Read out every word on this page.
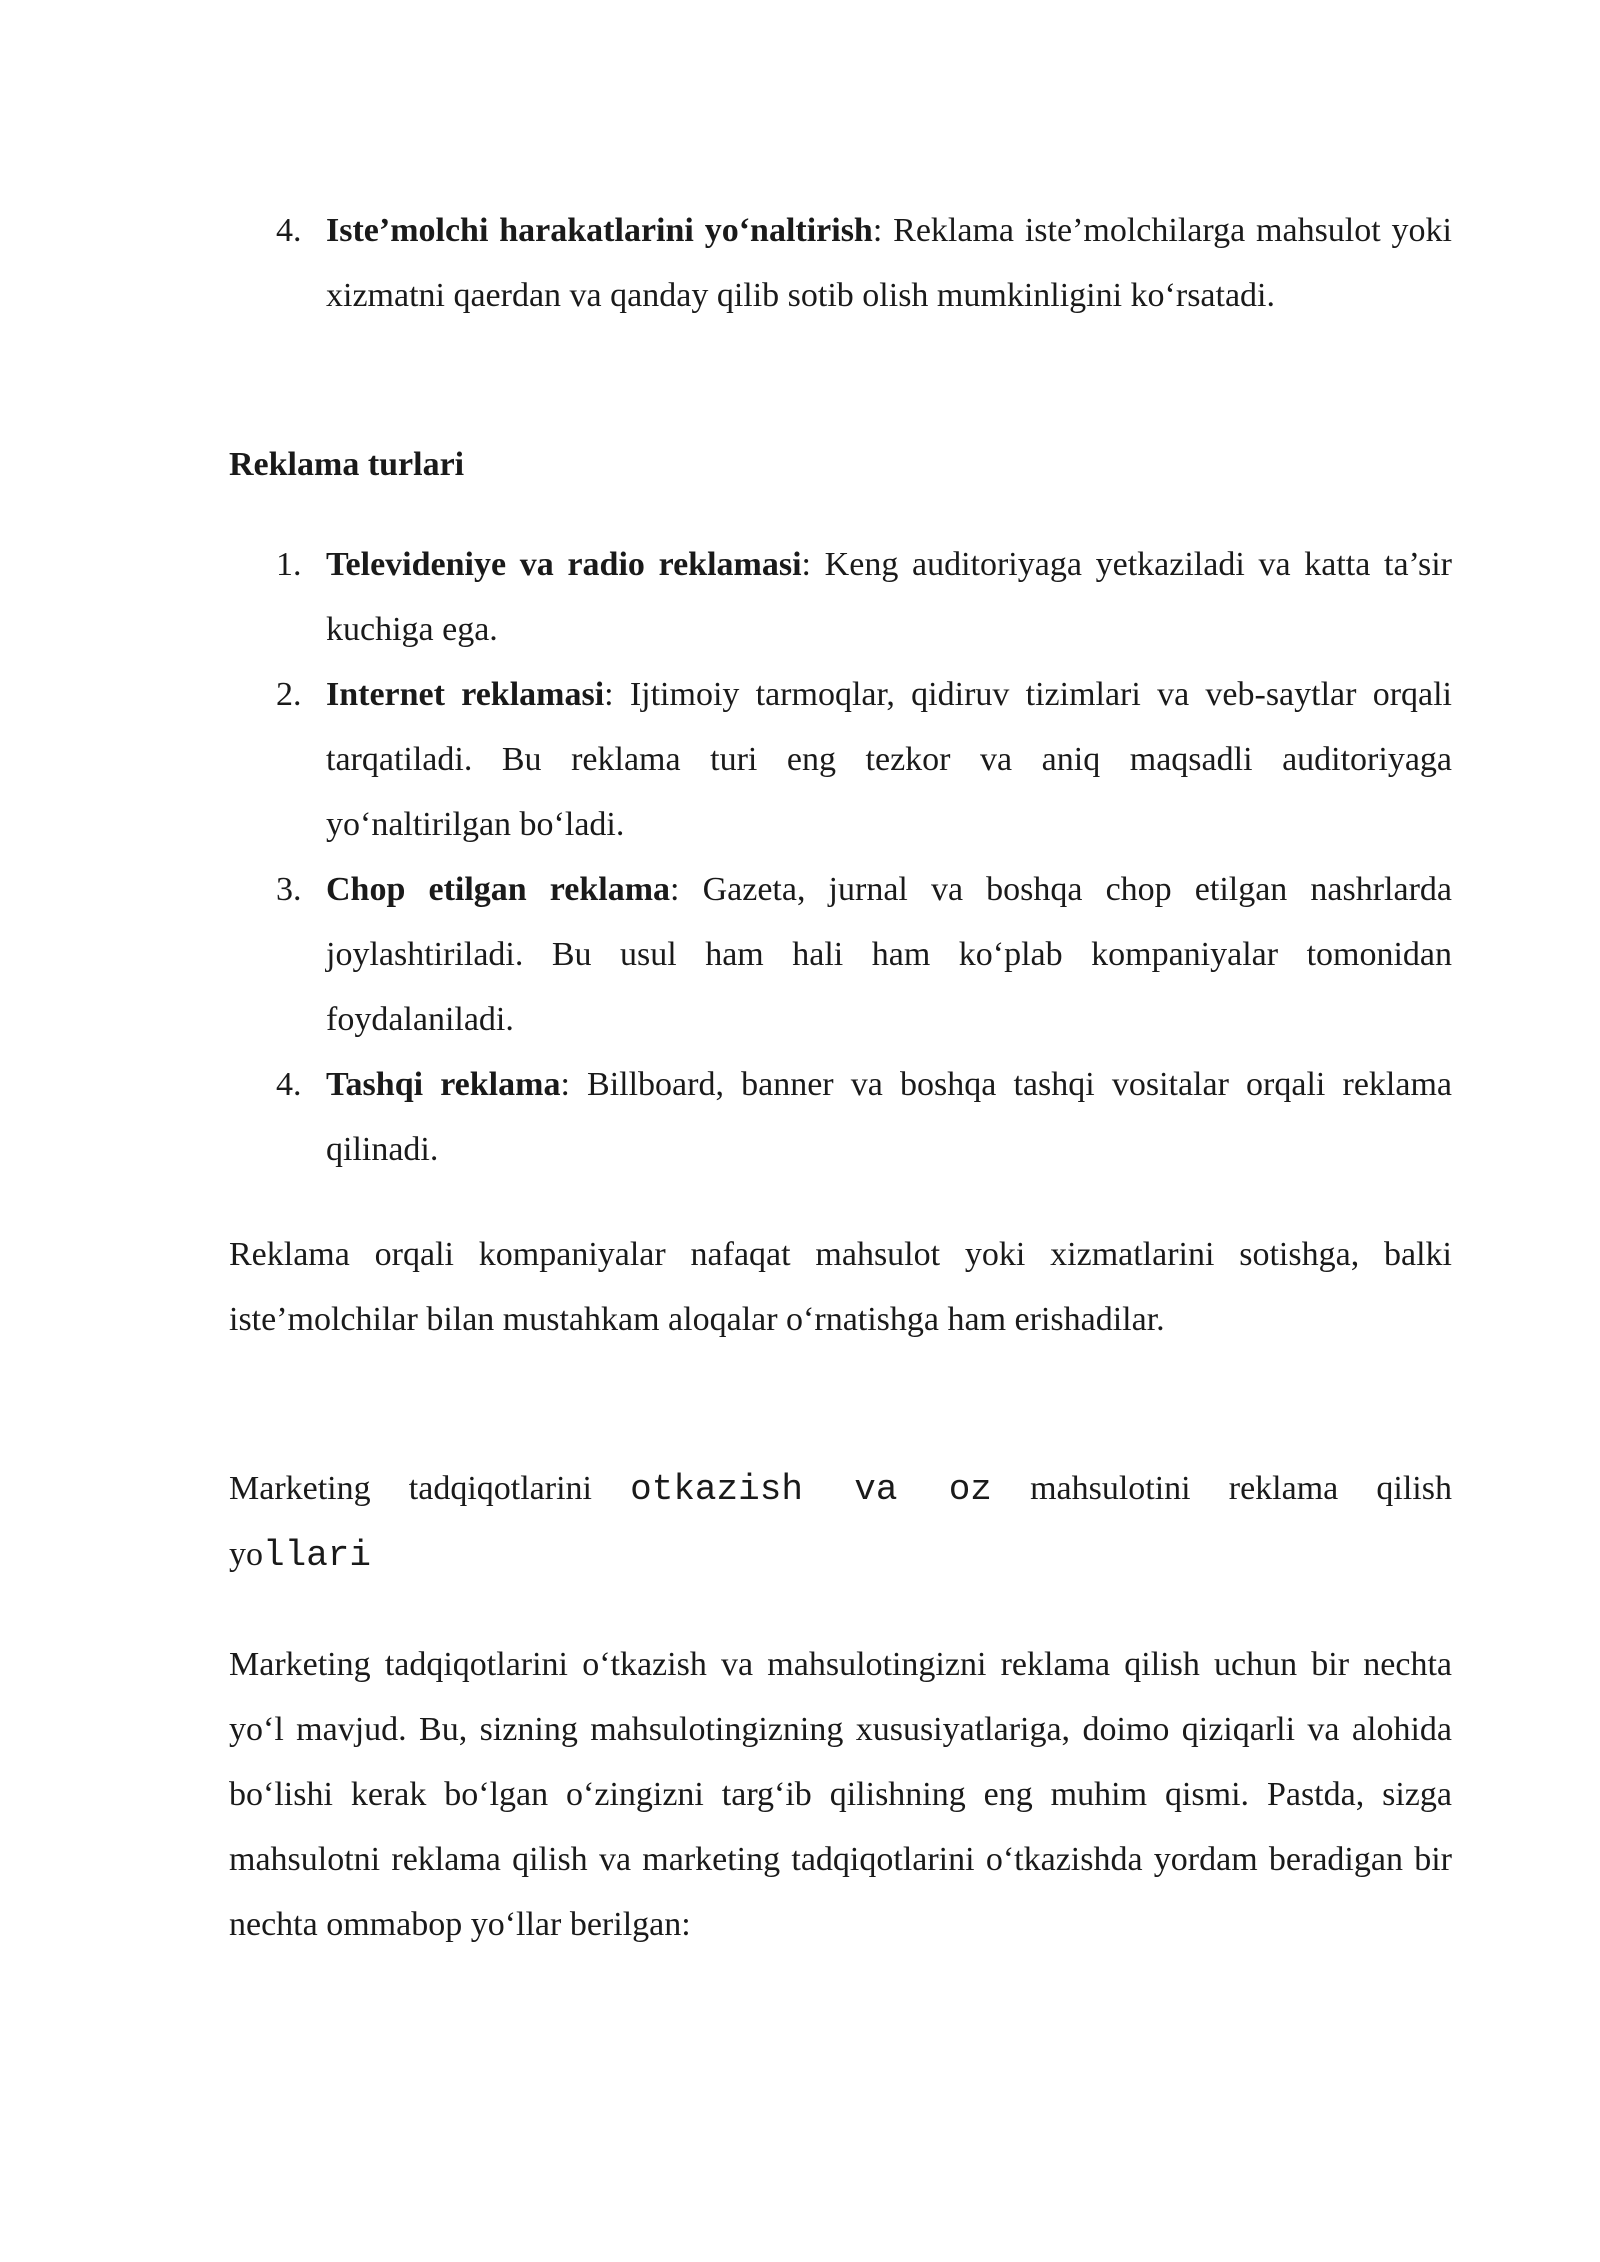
4. Iste’molchi harakatlarini yo‘naltirish: Reklama iste’molchilarga mahsulot yoki xizmatni qaerdan va qanday qilib sotib olish mumkinligini ko‘rsatadi.
Reklama turlari
1. Televideniye va radio reklamasi: Keng auditoriyaga yetkaziladi va katta ta’sir kuchiga ega.
2. Internet reklamasi: Ijtimoiy tarmoqlar, qidiruv tizimlari va veb-saytlar orqali tarqatiladi. Bu reklama turi eng tezkor va aniq maqsadli auditoriyaga yo‘naltirilgan bo‘ladi.
3. Chop etilgan reklama: Gazeta, jurnal va boshqa chop etilgan nashrlarda joylashtiriladi. Bu usul ham hali ham ko‘plab kompaniyalar tomonidan foydalaniladi.
4. Tashqi reklama: Billboard, banner va boshqa tashqi vositalar orqali reklama qilinadi.
Reklama orqali kompaniyalar nafaqat mahsulot yoki xizmatlarini sotishga, balki iste’molchilar bilan mustahkam aloqalar o‘rnatishga ham erishadilar.
Marketing tadqiqotlarini otkazish va oz mahsulotini reklama qilish
yollari
Marketing tadqiqotlarini o‘tkazish va mahsulotingizni reklama qilish uchun bir nechta yo‘l mavjud. Bu, sizning mahsulotingizning xususiyatlariga, doimo qiziqarli va alohida bo‘lishi kerak bo‘lgan o‘zingizni targ‘ib qilishning eng muhim qismi. Pastda, sizga mahsulotni reklama qilish va marketing tadqiqotlarini o‘tkazishda yordam beradigan bir nechta ommabop yo‘llar berilgan:
